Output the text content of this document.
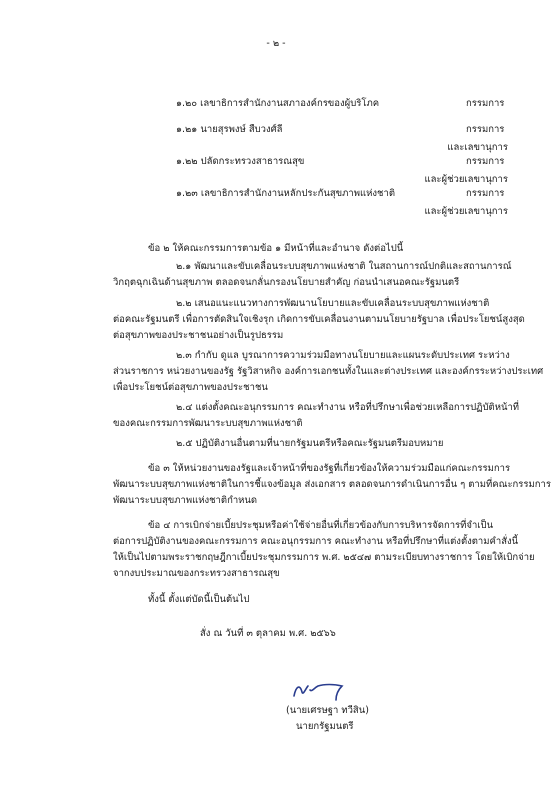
- ๒ -
๑.๒๐ เลขาธิการสำนักงานสภาองค์กรของผู้บริโภค	กรรมการ
๑.๒๑ นายสุรพงษ์ สืบวงศ์ลี	กรรมการ
และเลขานุการ
๑.๒๒ ปลัดกระทรวงสาธารณสุข	กรรมการ
และผู้ช่วยเลขานุการ
๑.๒๓ เลขาธิการสำนักงานหลักประกันสุขภาพแห่งชาติ	กรรมการ
และผู้ช่วยเลขานุการ
ข้อ ๒ ให้คณะกรรมการตามข้อ ๑ มีหน้าที่และอำนาจ ดังต่อไปนี้
๒.๑ พัฒนาและขับเคลื่อนระบบสุขภาพแห่งชาติ ในสถานการณ์ปกติและสถานการณ์
วิกฤตฉุกเฉินด้านสุขภาพ ตลอดจนกลั่นกรองนโยบายสำคัญ ก่อนนำเสนอคณะรัฐมนตรี
๒.๒ เสนอแนะแนวทางการพัฒนานโยบายและขับเคลื่อนระบบสุขภาพแห่งชาติ
ต่อคณะรัฐมนตรี เพื่อการตัดสินใจเชิงรุก เกิดการขับเคลื่อนงานตามนโยบายรัฐบาล เพื่อประโยชน์สูงสุด
ต่อสุขภาพของประชาชนอย่างเป็นรูปธรรม
๒.๓ กำกับ ดูแล บูรณาการความร่วมมือทางนโยบายและแผนระดับประเทศ ระหว่าง
ส่วนราชการ หน่วยงานของรัฐ รัฐวิสาหกิจ องค์การเอกชนทั้งในและต่างประเทศ และองค์กรระหว่างประเทศ
เพื่อประโยชน์ต่อสุขภาพของประชาชน
๒.๔ แต่งตั้งคณะอนุกรรมการ คณะทำงาน หรือที่ปรึกษาเพื่อช่วยเหลือการปฏิบัติหน้าที่
ของคณะกรรมการพัฒนาระบบสุขภาพแห่งชาติ
๒.๕ ปฏิบัติงานอื่นตามที่นายกรัฐมนตรีหรือคณะรัฐมนตรีมอบหมาย
ข้อ ๓ ให้หน่วยงานของรัฐและเจ้าหน้าที่ของรัฐที่เกี่ยวข้องให้ความร่วมมือแก่คณะกรรมการ
พัฒนาระบบสุขภาพแห่งชาติในการชี้แจงข้อมูล ส่งเอกสาร ตลอดจนการดำเนินการอื่น ๆ ตามที่คณะกรรมการ
พัฒนาระบบสุขภาพแห่งชาติกำหนด
ข้อ ๔ การเบิกจ่ายเบี้ยประชุมหรือค่าใช้จ่ายอื่นที่เกี่ยวข้องกับการบริหารจัดการที่จำเป็น
ต่อการปฏิบัติงานของคณะกรรมการ คณะอนุกรรมการ คณะทำงาน หรือที่ปรึกษาที่แต่งตั้งตามคำสั่งนี้
ให้เป็นไปตามพระราชกฤษฎีกาเบี้ยประชุมกรรมการ พ.ศ. ๒๕๔๗ ตามระเบียบทางราชการ โดยให้เบิกจ่าย
จากงบประมาณของกระทรวงสาธารณสุข
ทั้งนี้ ตั้งแต่บัดนี้เป็นต้นไป
สั่ง ณ วันที่ ๓ ตุลาคม พ.ศ. ๒๕๖๖
(นายเศรษฐา ทวีสิน)
นายกรัฐมนตรี
